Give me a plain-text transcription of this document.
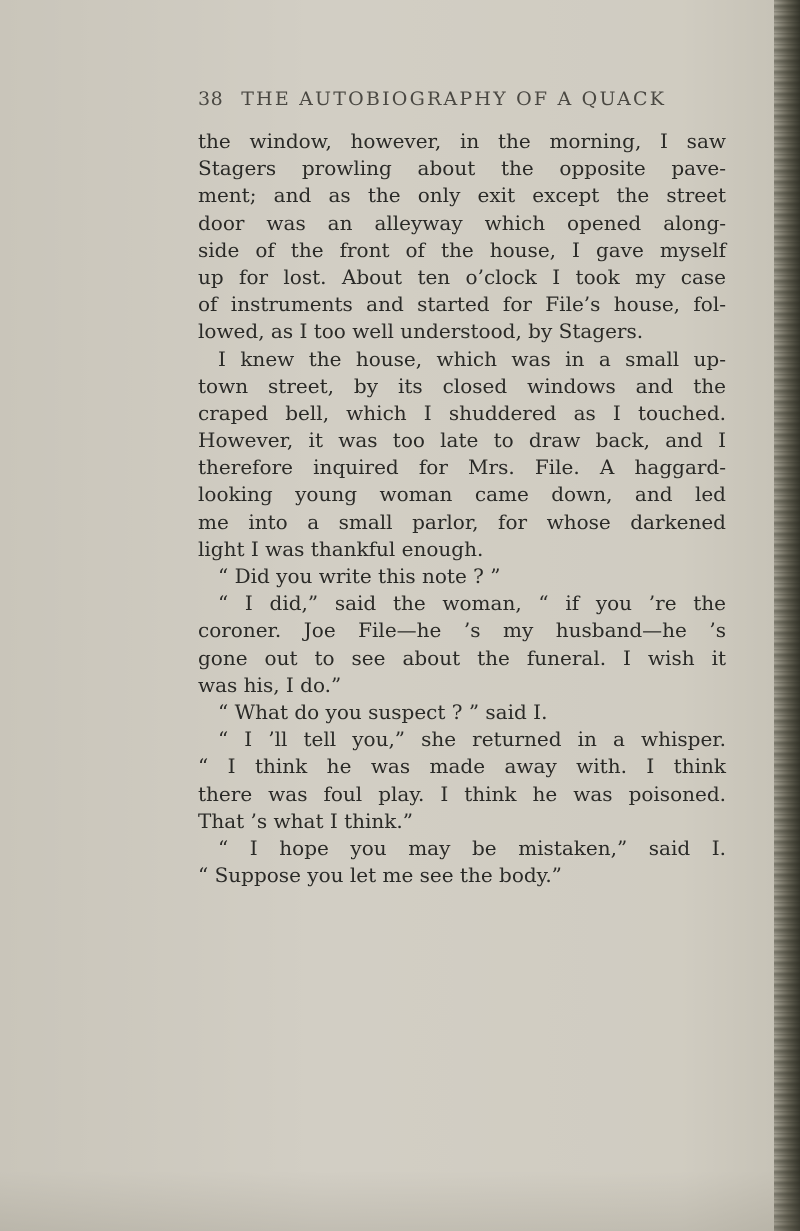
38 THE AUTOBIOGRAPHY OF A QUACK
the window, however, in the morning, I saw
Stagers prowling about the opposite pave-
ment; and as the only exit except the street
door was an alleyway which opened along-
side of the front of the house, I gave myself
up for lost. About ten o’clock I took my case
of instruments and started for File’s house, fol-
lowed, as I too well understood, by Stagers.
I knew the house, which was in a small up-
town street, by its closed windows and the
craped bell, which I shuddered as I touched.
However, it was too late to draw back, and I
therefore inquired for Mrs. File. A haggard-
looking young woman came down, and led
me into a small parlor, for whose darkened
light I was thankful enough.
“ Did you write this note ? ”
“ I did,” said the woman, “ if you ’re the
coroner. Joe File—he ’s my husband—he ’s
gone out to see about the funeral. I wish it
was his, I do.”
“ What do you suspect ? ” said I.
“ I ’ll tell you,” she returned in a whisper.
“ I think he was made away with. I think
there was foul play. I think he was poisoned.
That ’s what I think.”
“ I hope you may be mistaken,” said I.
“ Suppose you let me see the body.”
